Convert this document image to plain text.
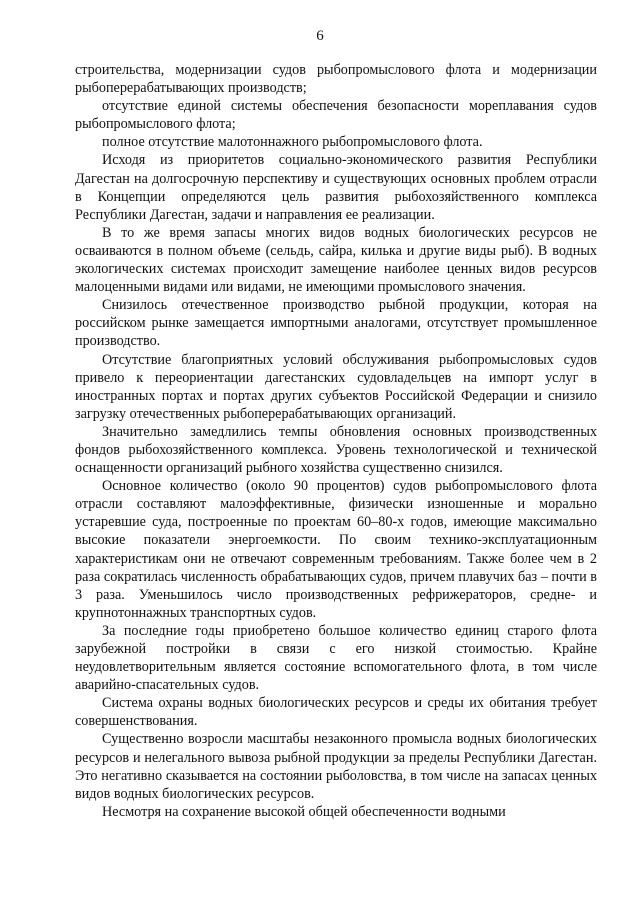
6

строительства, модернизации судов рыбопромыслового флота и модернизации рыбоперерабатывающих производств;

отсутствие единой системы обеспечения безопасности мореплавания судов рыбопромыслового флота;

полное отсутствие малотоннажного рыбопромыслового флота.

Исходя из приоритетов социально-экономического развития Республики Дагестан на долгосрочную перспективу и существующих основных проблем отрасли в Концепции определяются цель развития рыбохозяйственного комплекса Республики Дагестан, задачи и направления ее реализации.

В то же время запасы многих видов водных биологических ресурсов не осваиваются в полном объеме (сельдь, сайра, килька и другие виды рыб). В водных экологических системах происходит замещение наиболее ценных видов ресурсов малоценными видами или видами, не имеющими промыслового значения.

Снизилось отечественное производство рыбной продукции, которая на российском рынке замещается импортными аналогами, отсутствует промышленное производство.

Отсутствие благоприятных условий обслуживания рыбопромысловых судов привело к переориентации дагестанских судовладельцев на импорт услуг в иностранных портах и портах других субъектов Российской Федерации и снизило загрузку отечественных рыбоперерабатывающих организаций.

Значительно замедлились темпы обновления основных производственных фондов рыбохозяйственного комплекса. Уровень технологической и технической оснащенности организаций рыбного хозяйства существенно снизился.

Основное количество (около 90 процентов) судов рыбопромыслового флота отрасли составляют малоэффективные, физически изношенные и морально устаревшие суда, построенные по проектам 60–80-х годов, имеющие максимально высокие показатели энергоемкости. По своим технико-эксплуатационным характеристикам они не отвечают современным требованиям. Также более чем в 2 раза сократилась численность обрабатывающих судов, причем плавучих баз – почти в 3 раза. Уменьшилось число производственных рефрижераторов, средне- и крупнотоннажных транспортных судов.

За последние годы приобретено большое количество единиц старого флота зарубежной постройки в связи с его низкой стоимостью. Крайне неудовлетворительным является состояние вспомогательного флота, в том числе аварийно-спасательных судов.

Система охраны водных биологических ресурсов и среды их обитания требует совершенствования.

Существенно возросли масштабы незаконного промысла водных биологических ресурсов и нелегального вывоза рыбной продукции за пределы Республики Дагестан. Это негативно сказывается на состоянии рыболовства, в том числе на запасах ценных видов водных биологических ресурсов.

Несмотря на сохранение высокой общей обеспеченности водными
